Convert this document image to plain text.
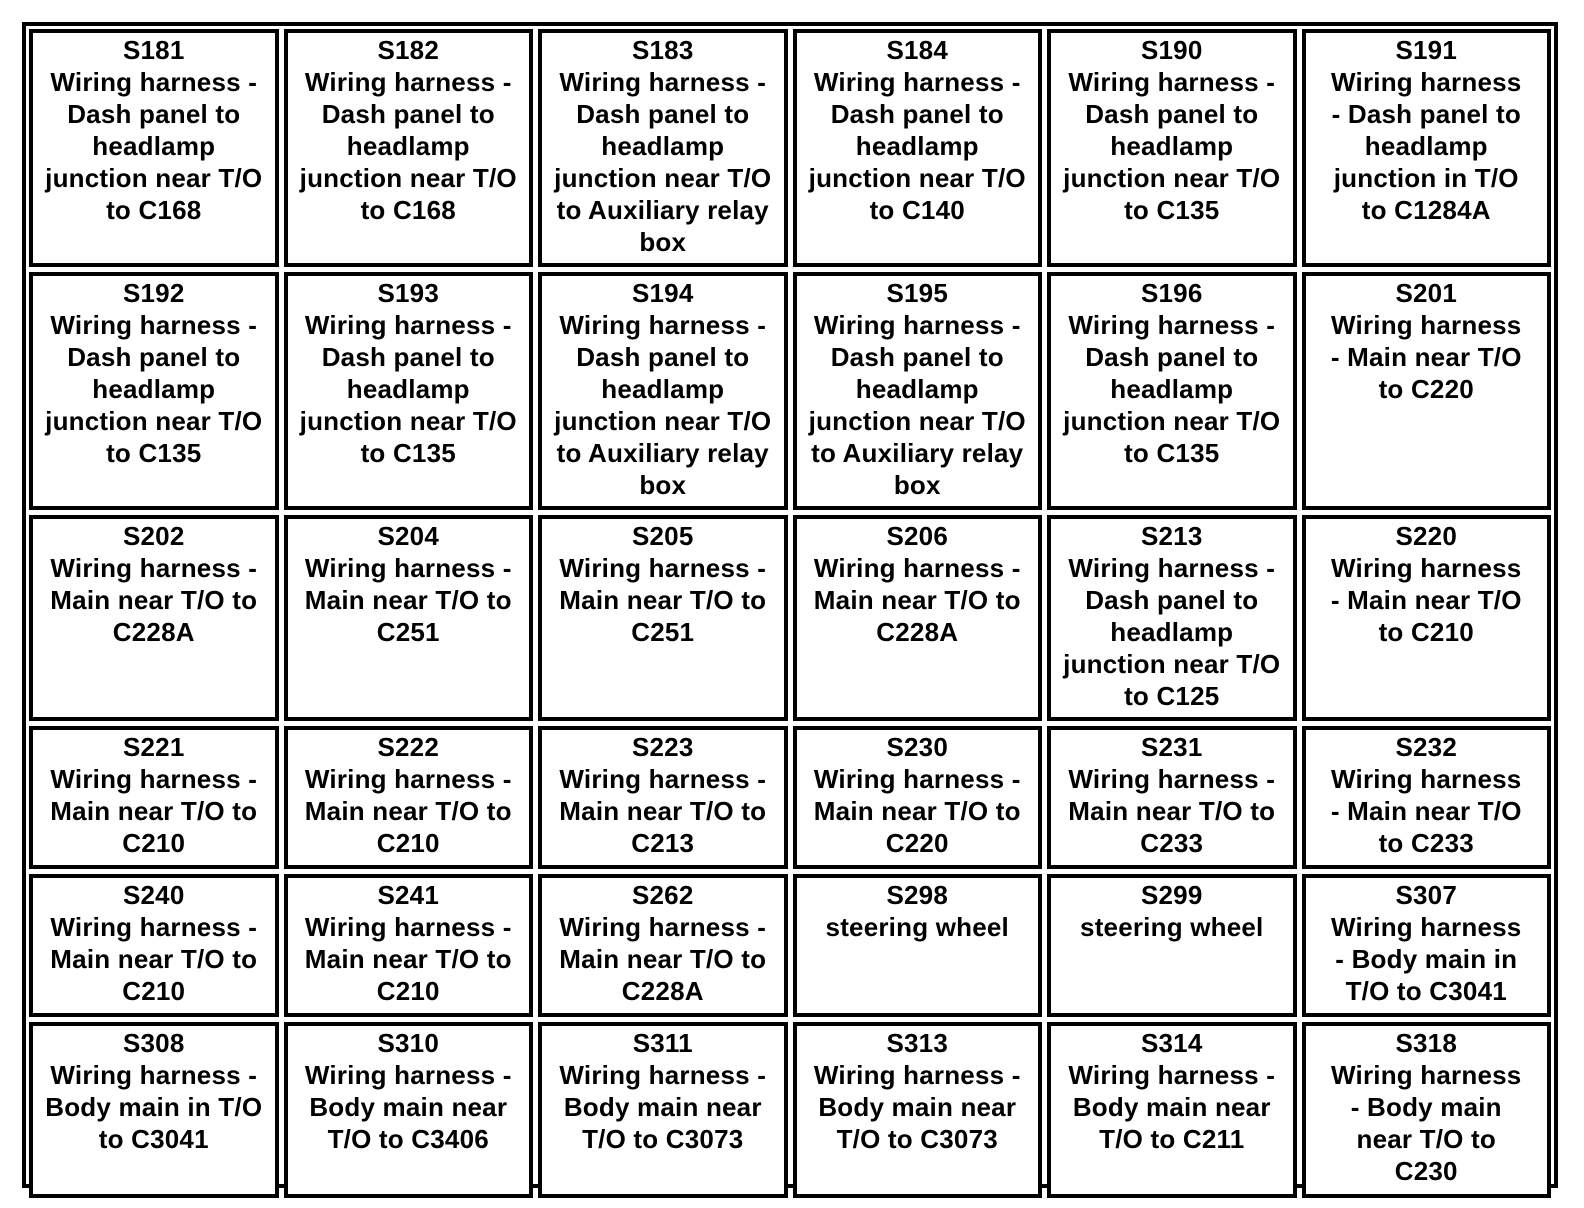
S181
Wiring harness -
Dash panel to
headlamp
junction near T/O
to C168
S182
Wiring harness -
Dash panel to
headlamp
junction near T/O
to C168
S183
Wiring harness -
Dash panel to
headlamp
junction near T/O
to Auxiliary relay
box
S184
Wiring harness -
Dash panel to
headlamp
junction near T/O
to C140
S190
Wiring harness -
Dash panel to
headlamp
junction near T/O
to C135
S191
Wiring harness
- Dash panel to
headlamp
junction in T/O
to C1284A
S192
Wiring harness -
Dash panel to
headlamp
junction near T/O
to C135
S193
Wiring harness -
Dash panel to
headlamp
junction near T/O
to C135
S194
Wiring harness -
Dash panel to
headlamp
junction near T/O
to Auxiliary relay
box
S195
Wiring harness -
Dash panel to
headlamp
junction near T/O
to Auxiliary relay
box
S196
Wiring harness -
Dash panel to
headlamp
junction near T/O
to C135
S201
Wiring harness
- Main near T/O
to C220
S202
Wiring harness -
Main near T/O to
C228A
S204
Wiring harness -
Main near T/O to
C251
S205
Wiring harness -
Main near T/O to
C251
S206
Wiring harness -
Main near T/O to
C228A
S213
Wiring harness -
Dash panel to
headlamp
junction near T/O
to C125
S220
Wiring harness
- Main near T/O
to C210
S221
Wiring harness -
Main near T/O to
C210
S222
Wiring harness -
Main near T/O to
C210
S223
Wiring harness -
Main near T/O to
C213
S230
Wiring harness -
Main near T/O to
C220
S231
Wiring harness -
Main near T/O to
C233
S232
Wiring harness
- Main near T/O
to C233
S240
Wiring harness -
Main near T/O to
C210
S241
Wiring harness -
Main near T/O to
C210
S262
Wiring harness -
Main near T/O to
C228A
S298
steering wheel
S299
steering wheel
S307
Wiring harness
- Body main in
T/O to C3041
S308
Wiring harness -
Body main in T/O
to C3041
S310
Wiring harness -
Body main near
T/O to C3406
S311
Wiring harness -
Body main near
T/O to C3073
S313
Wiring harness -
Body main near
T/O to C3073
S314
Wiring harness -
Body main near
T/O to C211
S318
Wiring harness
- Body main
near T/O to
C230
